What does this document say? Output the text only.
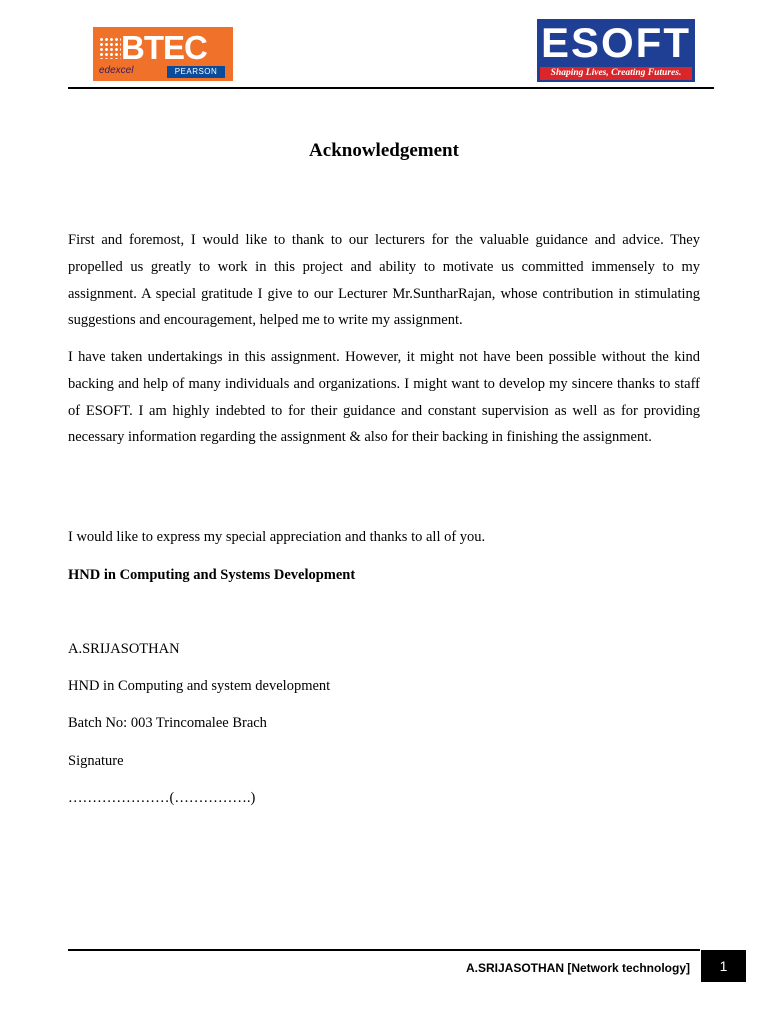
BTEC
edexcel	PEARSON
ESOFT
Shaping Lives, Creating Futures.
Acknowledgement

First and foremost, I would like to thank to our lecturers for the valuable guidance and advice. They propelled us greatly to work in this project and ability to motivate us committed immensely to my assignment. A special gratitude I give to our Lecturer Mr.SuntharRajan, whose contribution in stimulating suggestions and encouragement, helped me to write my assignment.

I have taken undertakings in this assignment. However, it might not have been possible without the kind backing and help of many individuals and organizations. I might want to develop my sincere thanks to staff of ESOFT. I am highly indebted to for their guidance and constant supervision as well as for providing necessary information regarding the assignment & also for their backing in finishing the assignment.

I would like to express my special appreciation and thanks to all of you.

HND in Computing and Systems Development

A.SRIJASOTHAN

HND in Computing and system development

Batch No: 003 Trincomalee Brach

Signature

…………………(…………….)

A.SRIJASOTHAN [Network technology]	1
